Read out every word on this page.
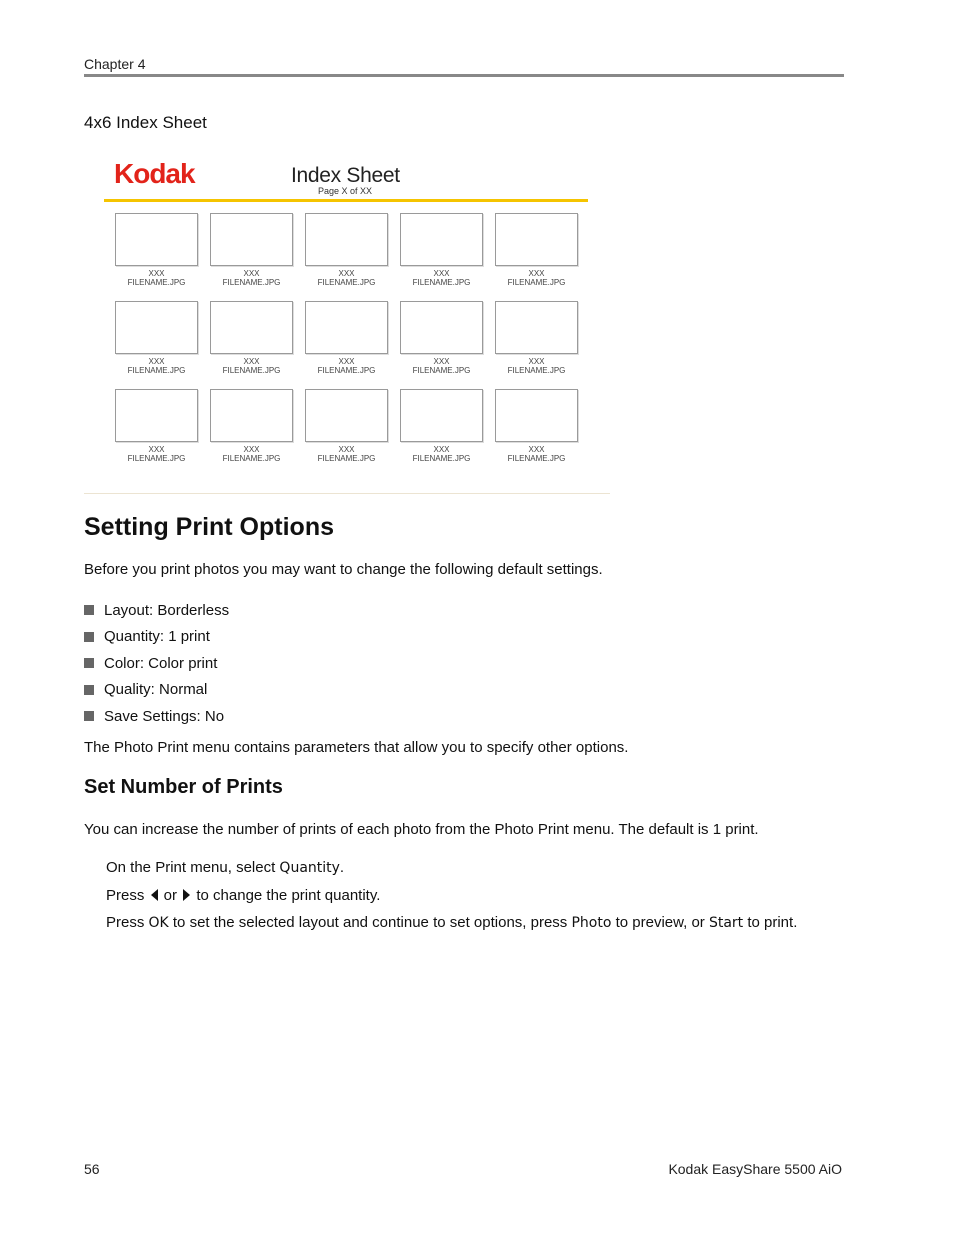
Chapter 4
4x6 Index Sheet
Kodak	Index Sheet
Page X of XX
XXX
FILENAME.JPG
XXX
FILENAME.JPG
XXX
FILENAME.JPG
XXX
FILENAME.JPG
XXX
FILENAME.JPG
XXX
FILENAME.JPG
XXX
FILENAME.JPG
XXX
FILENAME.JPG
XXX
FILENAME.JPG
XXX
FILENAME.JPG
XXX
FILENAME.JPG
XXX
FILENAME.JPG
XXX
FILENAME.JPG
XXX
FILENAME.JPG
XXX
FILENAME.JPG
Setting Print Options

Before you print photos you may want to change the following default settings.

Layout: Borderless
Quantity: 1 print
Color: Color print
Quality: Normal
Save Settings: No

The Photo Print menu contains parameters that allow you to specify other options.

Set Number of Prints

You can increase the number of prints of each photo from the Photo Print menu. The default is 1 print.

On the Print menu, select Quantity.

Press  or  to change the print quantity.

Press OK to set the selected layout and continue to set options, press Photo to preview, or Start to print.

56	Kodak EasyShare 5500 AiO
